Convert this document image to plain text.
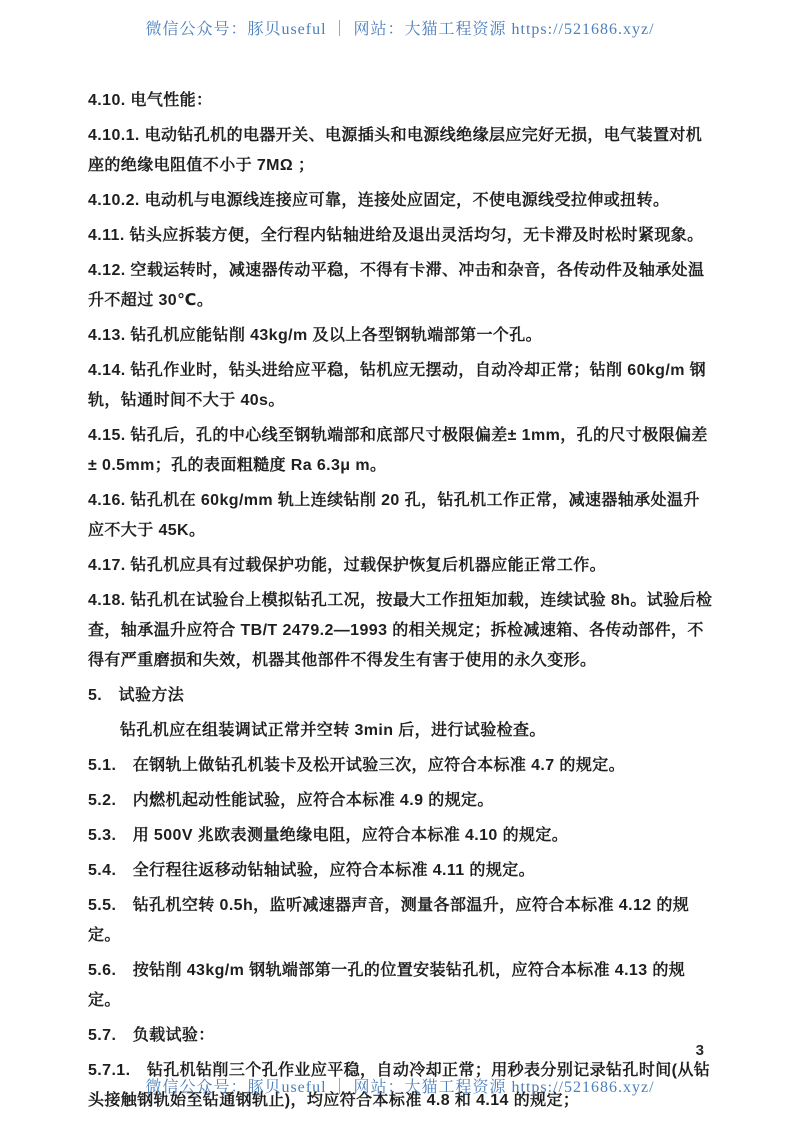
微信公众号：豚贝useful ｜ 网站：大猫工程资源 https://521686.xyz/

4.10. 电气性能：

4.10.1. 电动钻孔机的电器开关、电源插头和电源线绝缘层应完好无损，电气装置对机座的绝缘电阻值不小于 7MΩ ；

4.10.2. 电动机与电源线连接应可靠，连接处应固定，不使电源线受拉伸或扭转。

4.11. 钻头应拆装方便，全行程内钻轴进给及退出灵活均匀，无卡滞及时松时紧现象。

4.12. 空载运转时，减速器传动平稳，不得有卡滞、冲击和杂音，各传动件及轴承处温升不超过 30℃。

4.13. 钻孔机应能钻削 43kg/m 及以上各型钢轨端部第一个孔。

4.14. 钻孔作业时，钻头进给应平稳，钻机应无摆动，自动冷却正常；钻削 60kg/m 钢轨，钻通时间不大于 40s。

4.15. 钻孔后，孔的中心线至钢轨端部和底部尺寸极限偏差± 1mm，孔的尺寸极限偏差± 0.5mm；孔的表面粗糙度 Ra 6.3μ m。

4.16. 钻孔机在 60kg/mm 轨上连续钻削 20 孔，钻孔机工作正常，减速器轴承处温升应不大于 45K。

4.17. 钻孔机应具有过载保护功能，过载保护恢复后机器应能正常工作。

4.18. 钻孔机在试验台上模拟钻孔工况，按最大工作扭矩加载，连续试验 8h。试验后检查，轴承温升应符合 TB/T 2479.2—1993 的相关规定；拆检减速箱、各传动部件，不得有严重磨损和失效，机器其他部件不得发生有害于使用的永久变形。

5.　试验方法

钻孔机应在组装调试正常并空转 3min 后，进行试验检查。

5.1.　在钢轨上做钻孔机装卡及松开试验三次，应符合本标准 4.7 的规定。

5.2.　内燃机起动性能试验，应符合本标准 4.9 的规定。

5.3.　用 500V 兆欧表测量绝缘电阻，应符合本标准 4.10 的规定。

5.4.　全行程往返移动钻轴试验，应符合本标准 4.11 的规定。

5.5.　钻孔机空转 0.5h，监听减速器声音，测量各部温升，应符合本标准 4.12 的规定。

5.6.　按钻削 43kg/m 钢轨端部第一孔的位置安装钻孔机，应符合本标准 4.13 的规定。

5.7.　负载试验：

5.7.1.　钻孔机钻削三个孔作业应平稳，自动冷却正常；用秒表分别记录钻孔时间(从钻头接触钢轨始至钻通钢轨止)，均应符合本标准 4.8 和 4.14 的规定；

3
微信公众号：豚贝useful ｜ 网站：大猫工程资源 https://521686.xyz/
